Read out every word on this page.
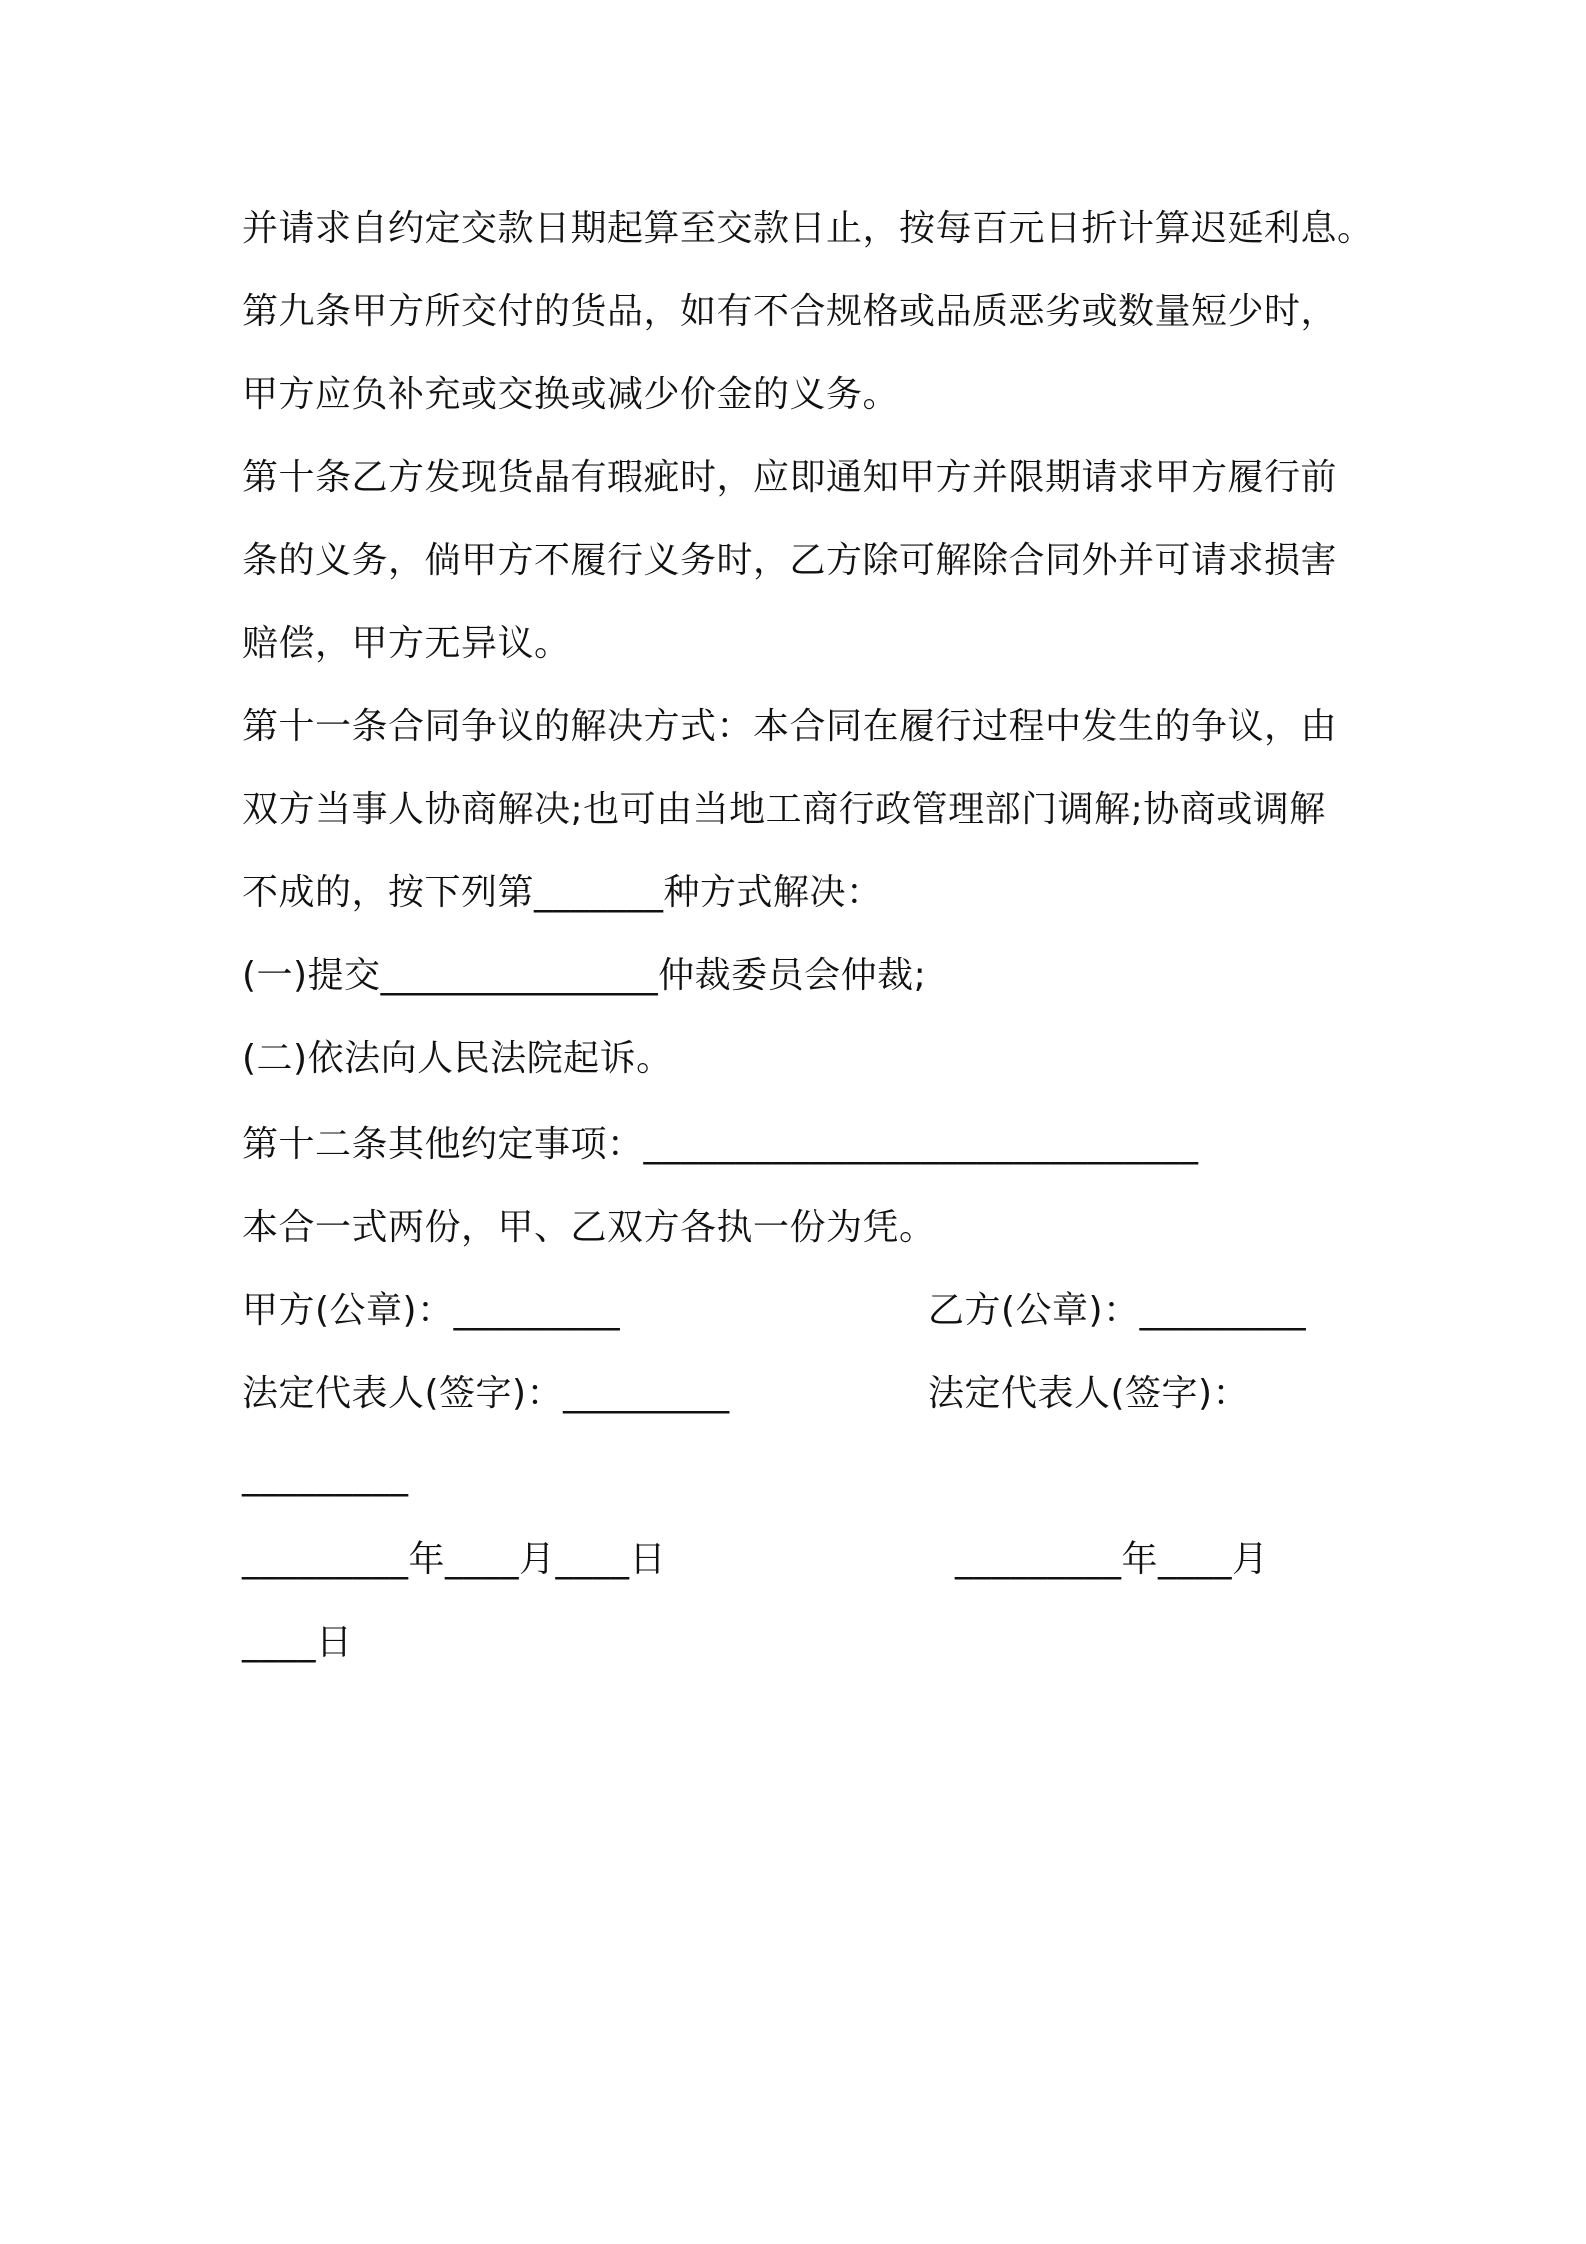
并请求自约定交款日期起算至交款日止，按每百元日折计算迟延利息。
第九条甲方所交付的货品，如有不合规格或品质恶劣或数量短少时，
甲方应负补充或交换或减少价金的义务。
第十条乙方发现货晶有瑕疵时，应即通知甲方并限期请求甲方履行前
条的义务，倘甲方不履行义务时，乙方除可解除合同外并可请求损害
赔偿，甲方无异议。
第十一条合同争议的解决方式：本合同在履行过程中发生的争议，由
双方当事人协商解决;也可由当地工商行政管理部门调解;协商或调解
不成的，按下列第_______种方式解决：
(一)提交_______________仲裁委员会仲裁;
(二)依法向人民法院起诉。
第十二条其他约定事项：______________________________
本合一式两份，甲、乙双方各执一份为凭。
甲方(公章)：_________	乙方(公章)：_________
法定代表人(签字)：_________	法定代表人(签字)：
_________
_________年____月____日	_________年____月
____日
